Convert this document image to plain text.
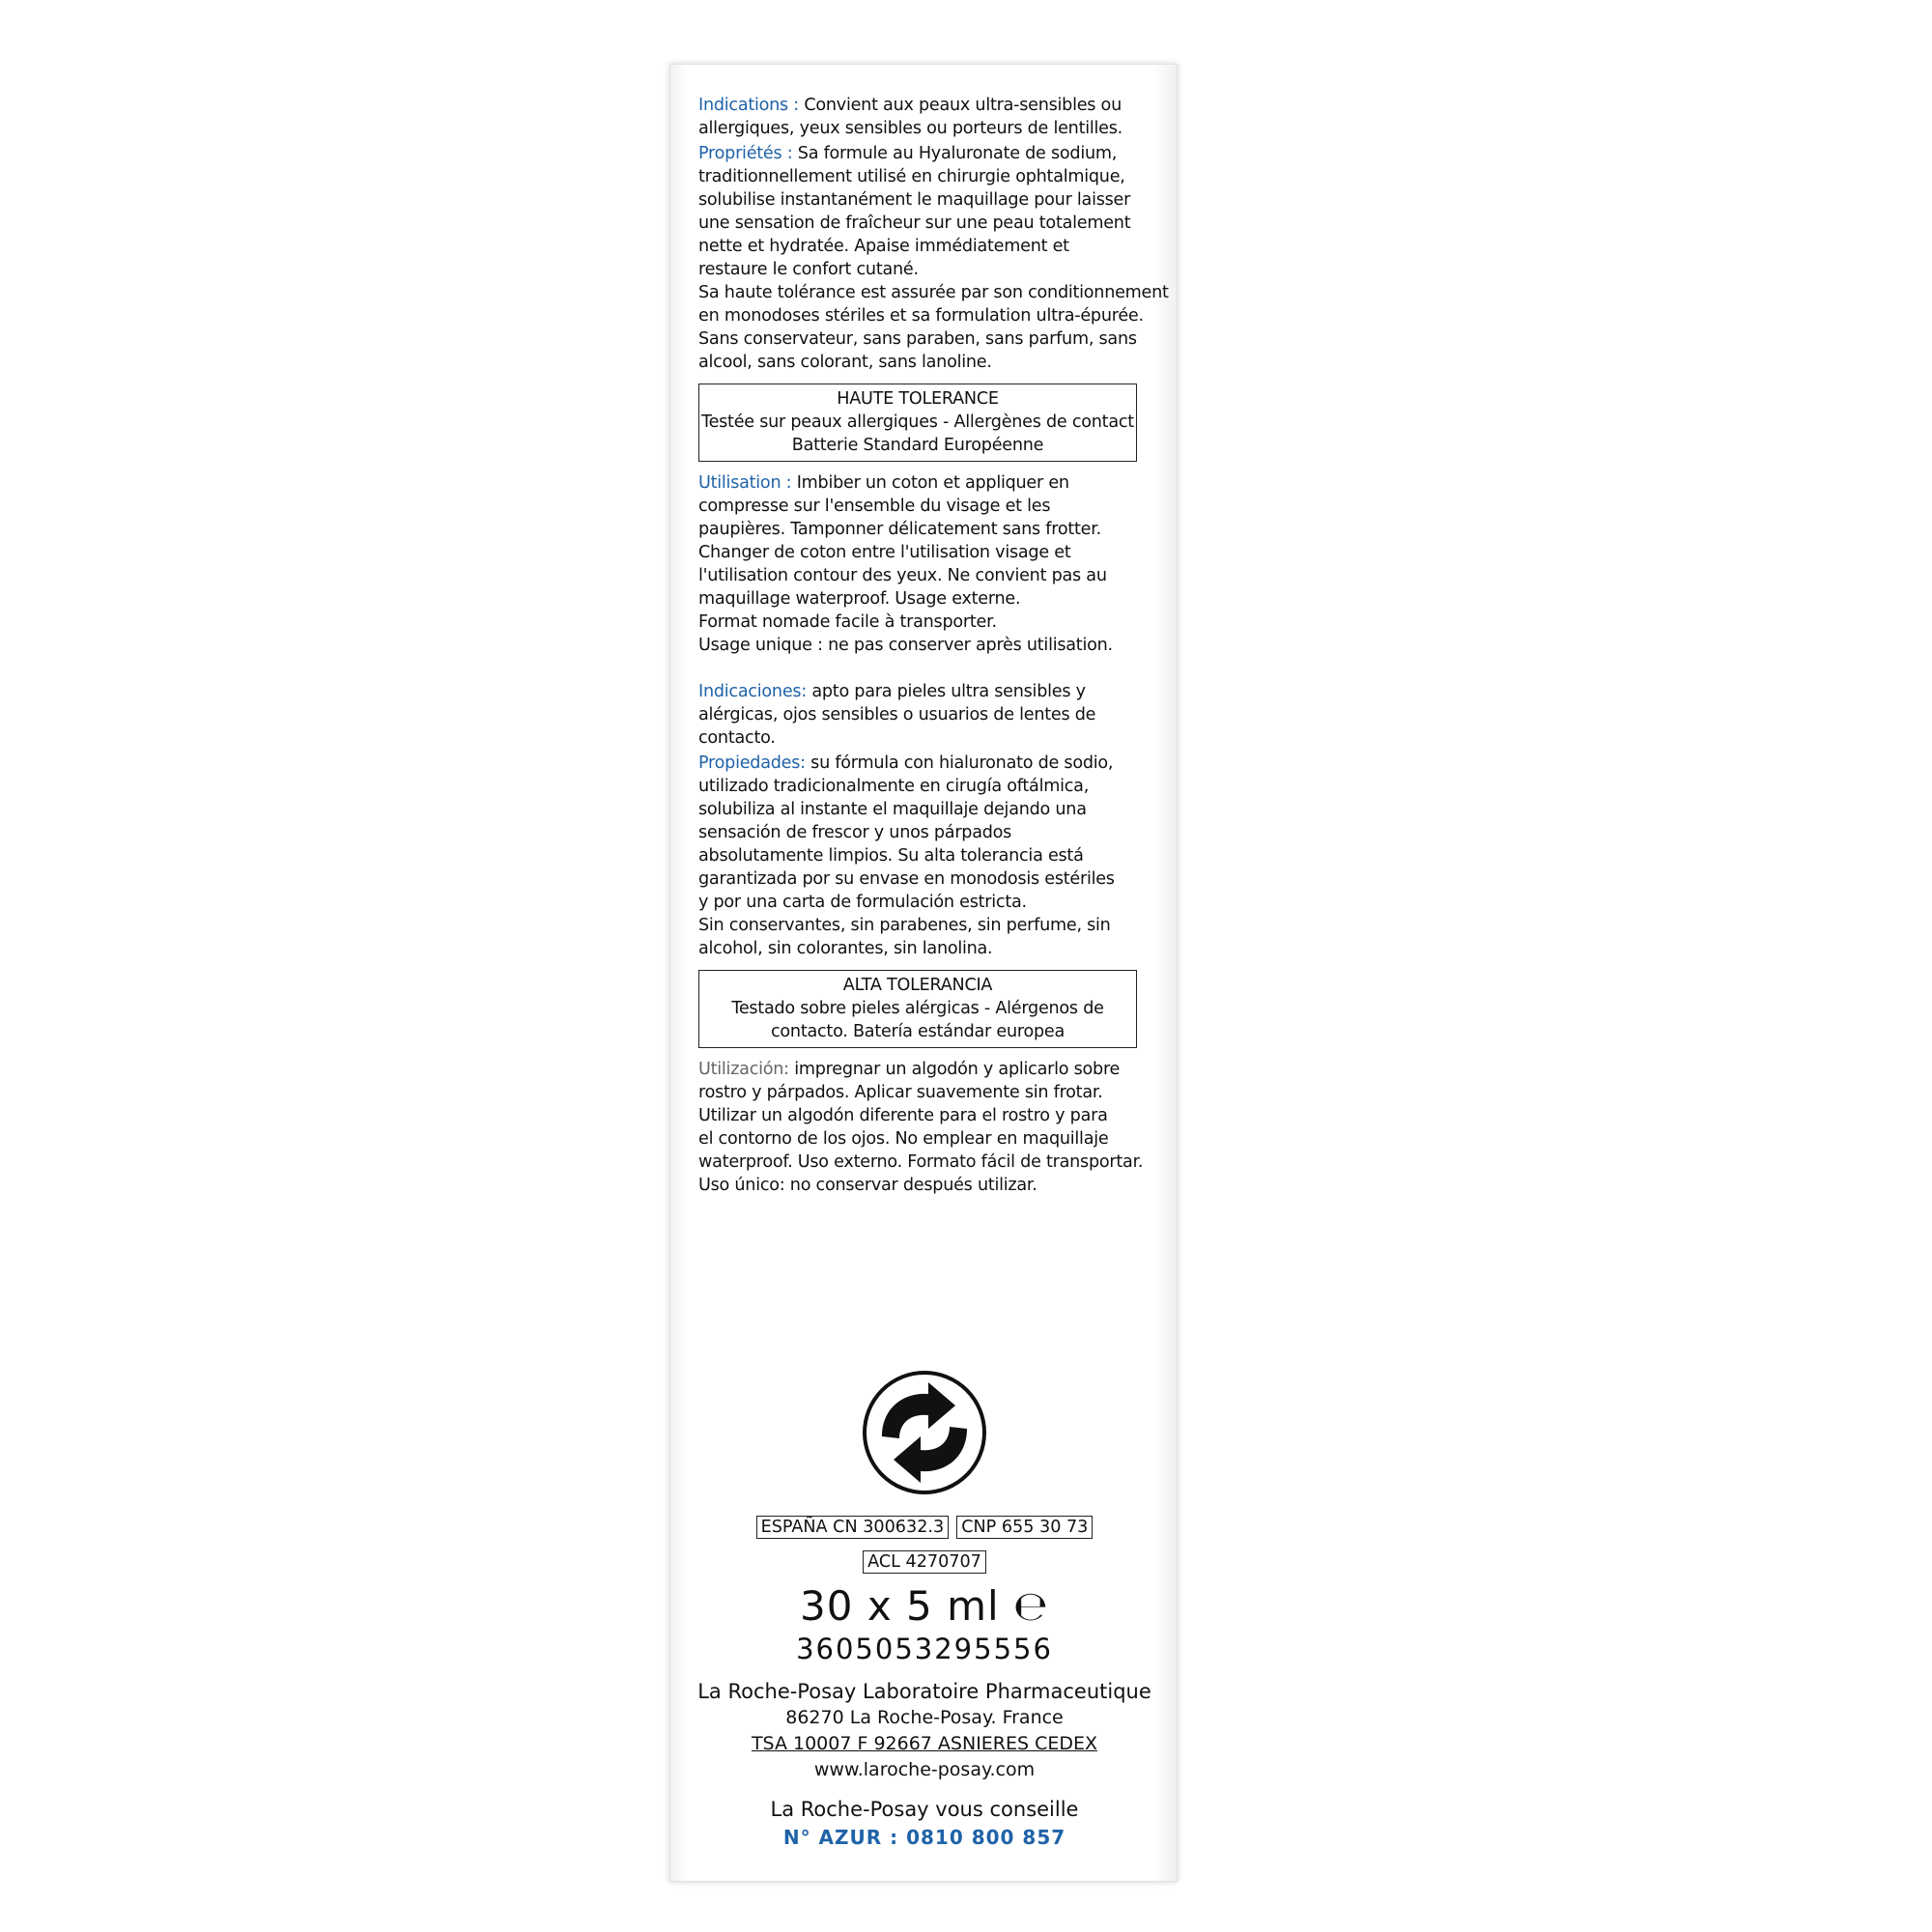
Indications : Convient aux peaux ultra-sensibles ou
allergiques, yeux sensibles ou porteurs de lentilles.

Propriétés : Sa formule au Hyaluronate de sodium,
traditionnellement utilisé en chirurgie ophtalmique,
solubilise instantanément le maquillage pour laisser
une sensation de fraîcheur sur une peau totalement
nette et hydratée. Apaise immédiatement et
restaure le confort cutané.
Sa haute tolérance est assurée par son conditionnement
en monodoses stériles et sa formulation ultra-épurée.
Sans conservateur, sans paraben, sans parfum, sans
alcool, sans colorant, sans lanoline.

HAUTE TOLERANCE
Testée sur peaux allergiques - Allergènes de contact
Batterie Standard Européenne

Utilisation : Imbiber un coton et appliquer en
compresse sur l'ensemble du visage et les
paupières. Tamponner délicatement sans frotter.
Changer de coton entre l'utilisation visage et
l'utilisation contour des yeux. Ne convient pas au
maquillage waterproof. Usage externe.
Format nomade facile à transporter.
Usage unique : ne pas conserver après utilisation.

Indicaciones: apto para pieles ultra sensibles y
alérgicas, ojos sensibles o usuarios de lentes de
contacto.

Propiedades: su fórmula con hialuronato de sodio,
utilizado tradicionalmente en cirugía oftálmica,
solubiliza al instante el maquillaje dejando una
sensación de frescor y unos párpados
absolutamente limpios. Su alta tolerancia está
garantizada por su envase en monodosis estériles
y por una carta de formulación estricta.
Sin conservantes, sin parabenes, sin perfume, sin
alcohol, sin colorantes, sin lanolina.

ALTA TOLERANCIA
Testado sobre pieles alérgicas - Alérgenos de
contacto. Batería estándar europea

Utilización: impregnar un algodón y aplicarlo sobre
rostro y párpados. Aplicar suavemente sin frotar.
Utilizar un algodón diferente para el rostro y para
el contorno de los ojos. No emplear en maquillaje
waterproof. Uso externo. Formato fácil de transportar.
Uso único: no conservar después utilizar.

ESPAÑA CN 300632.3 CNP 655 30 73
ACL 4270707
30 x 5 ml ℮
3605053295556
La Roche-Posay Laboratoire Pharmaceutique
86270 La Roche-Posay. France
TSA 10007 F 92667 ASNIERES CEDEX
www.laroche-posay.com
La Roche-Posay vous conseille
N° AZUR : 0810 800 857
